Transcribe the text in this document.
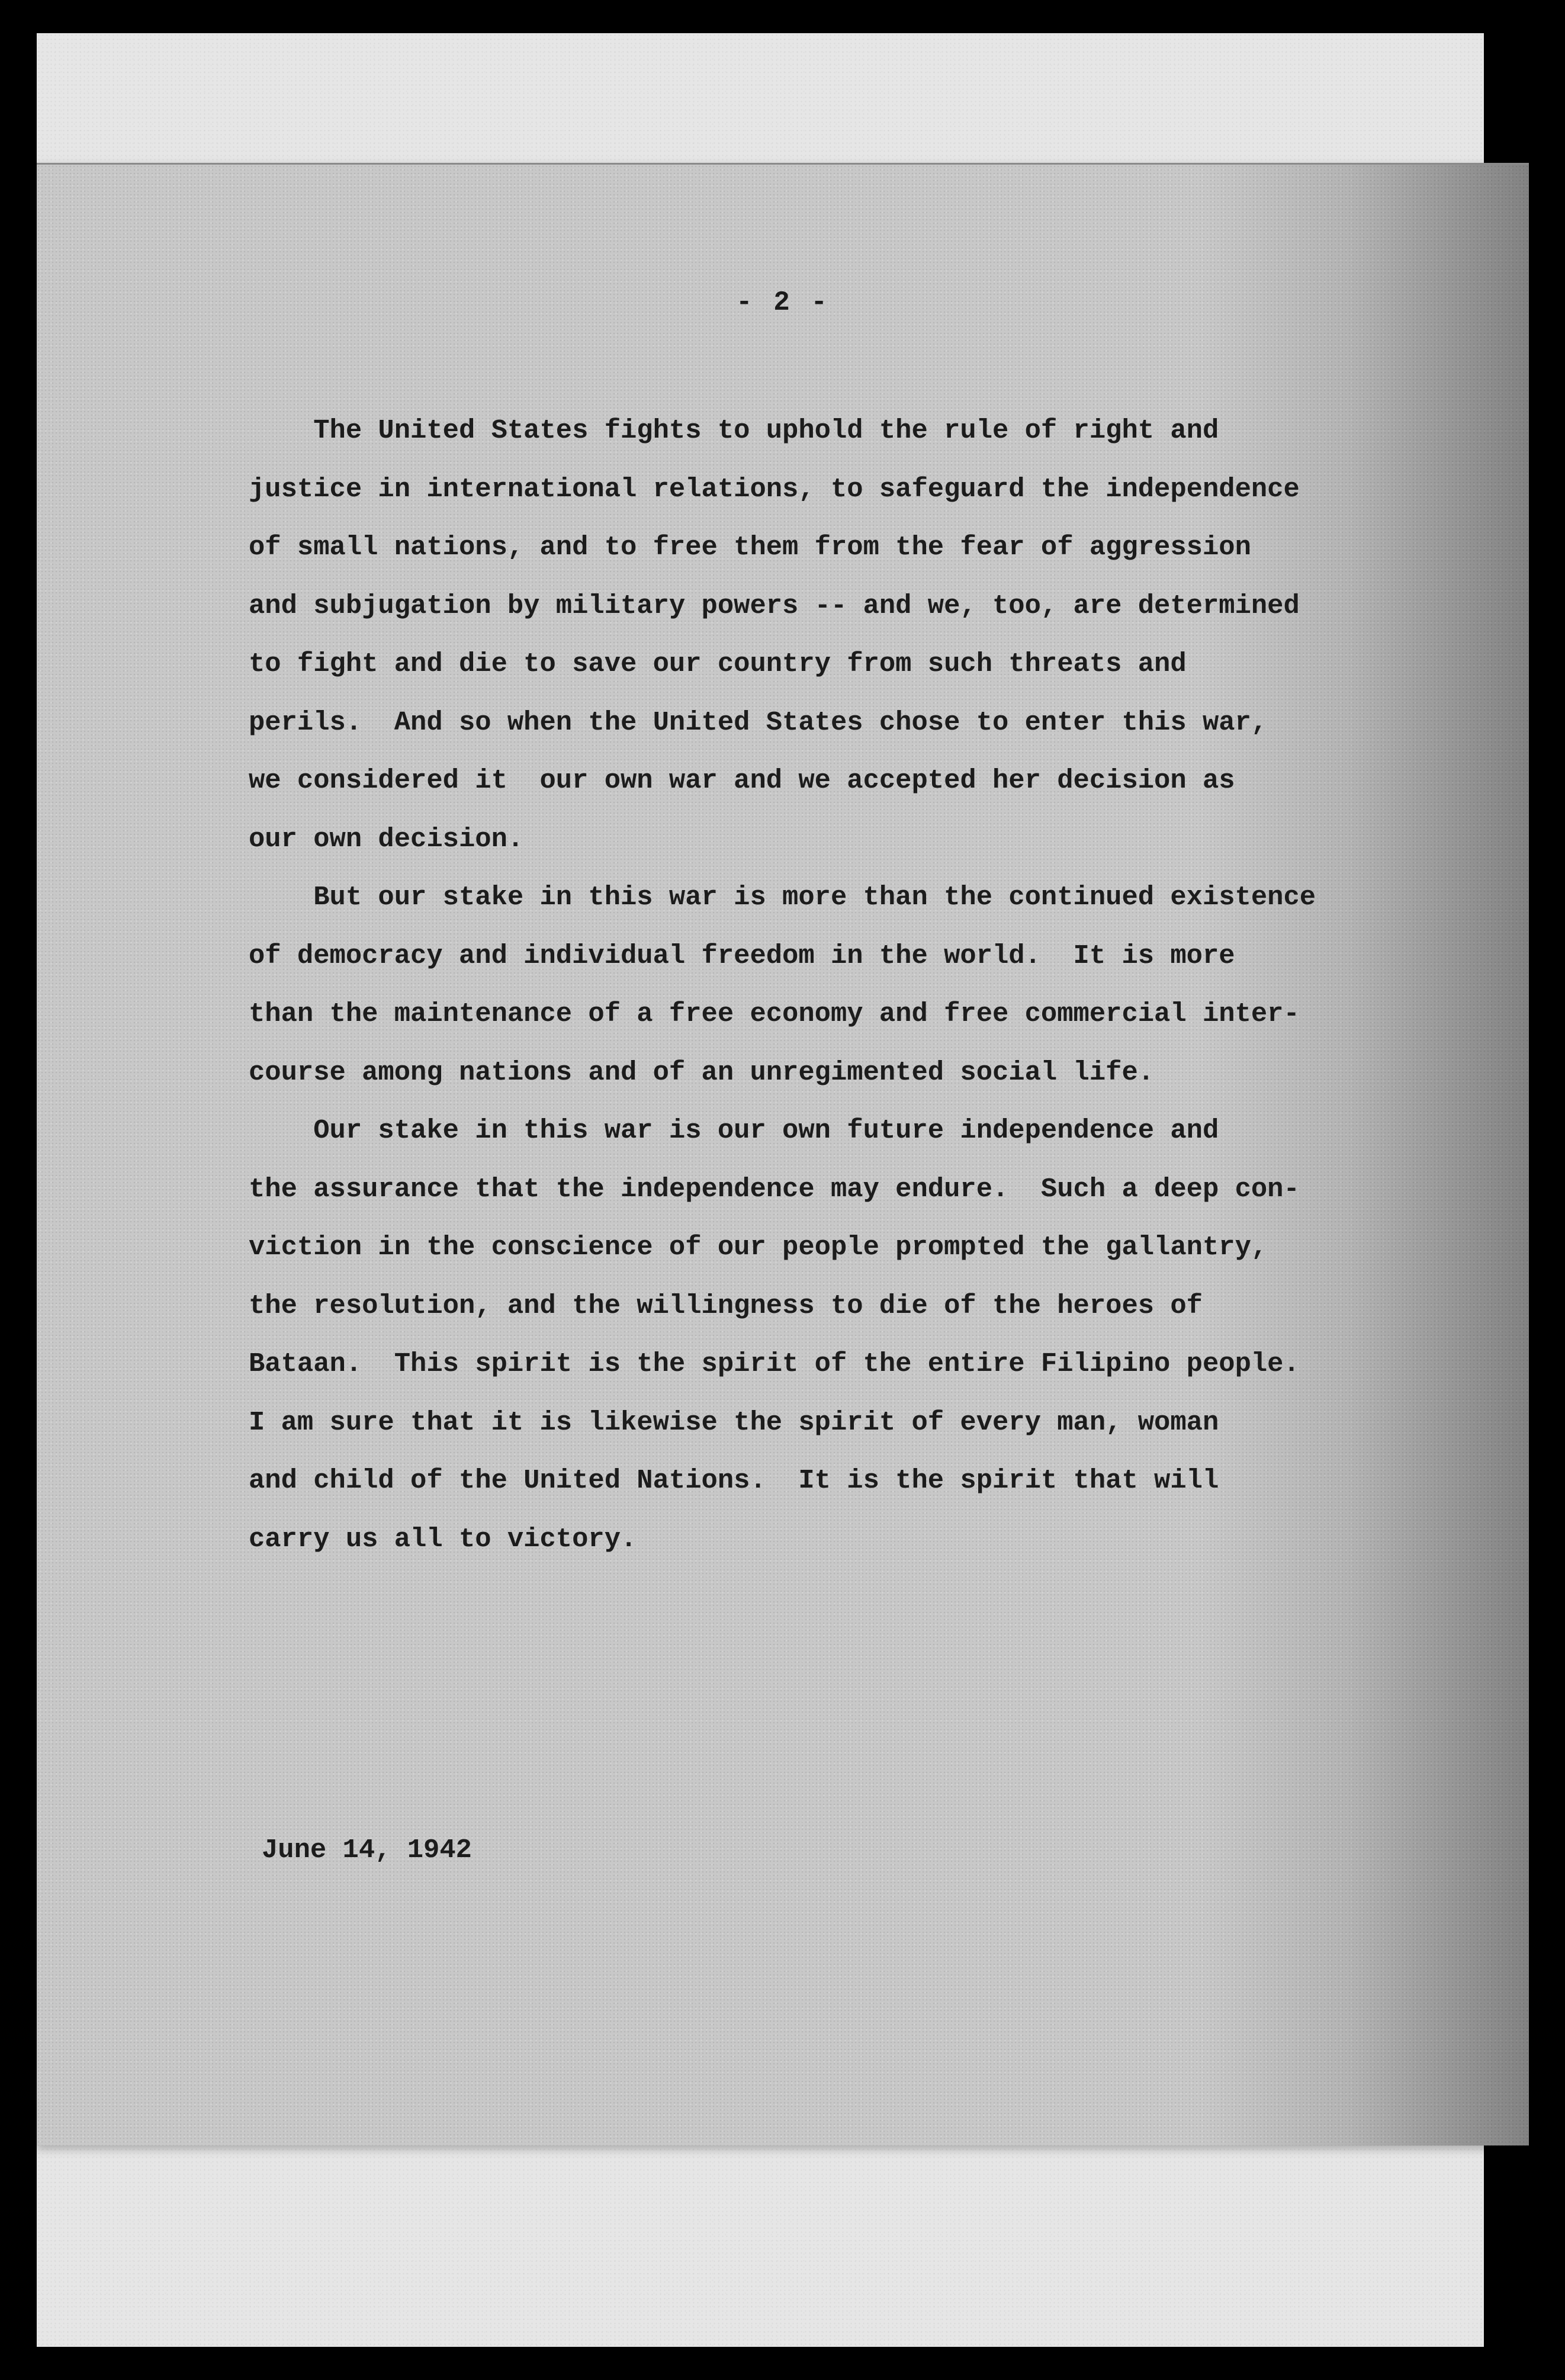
- 2 -
The United States fights to uphold the rule of right and
justice in international relations, to safeguard the independence
of small nations, and to free them from the fear of aggression
and subjugation by military powers -- and we, too, are determined
to fight and die to save our country from such threats and
perils.  And so when the United States chose to enter this war,
we considered it  our own war and we accepted her decision as
our own decision.
But our stake in this war is more than the continued existence
of democracy and individual freedom in the world.  It is more
than the maintenance of a free economy and free commercial inter-
course among nations and of an unregimented social life.
Our stake in this war is our own future independence and
the assurance that the independence may endure.  Such a deep con-
viction in the conscience of our people prompted the gallantry,
the resolution, and the willingness to die of the heroes of
Bataan.  This spirit is the spirit of the entire Filipino people.
I am sure that it is likewise the spirit of every man, woman
and child of the United Nations.  It is the spirit that will
carry us all to victory.
June 14, 1942
